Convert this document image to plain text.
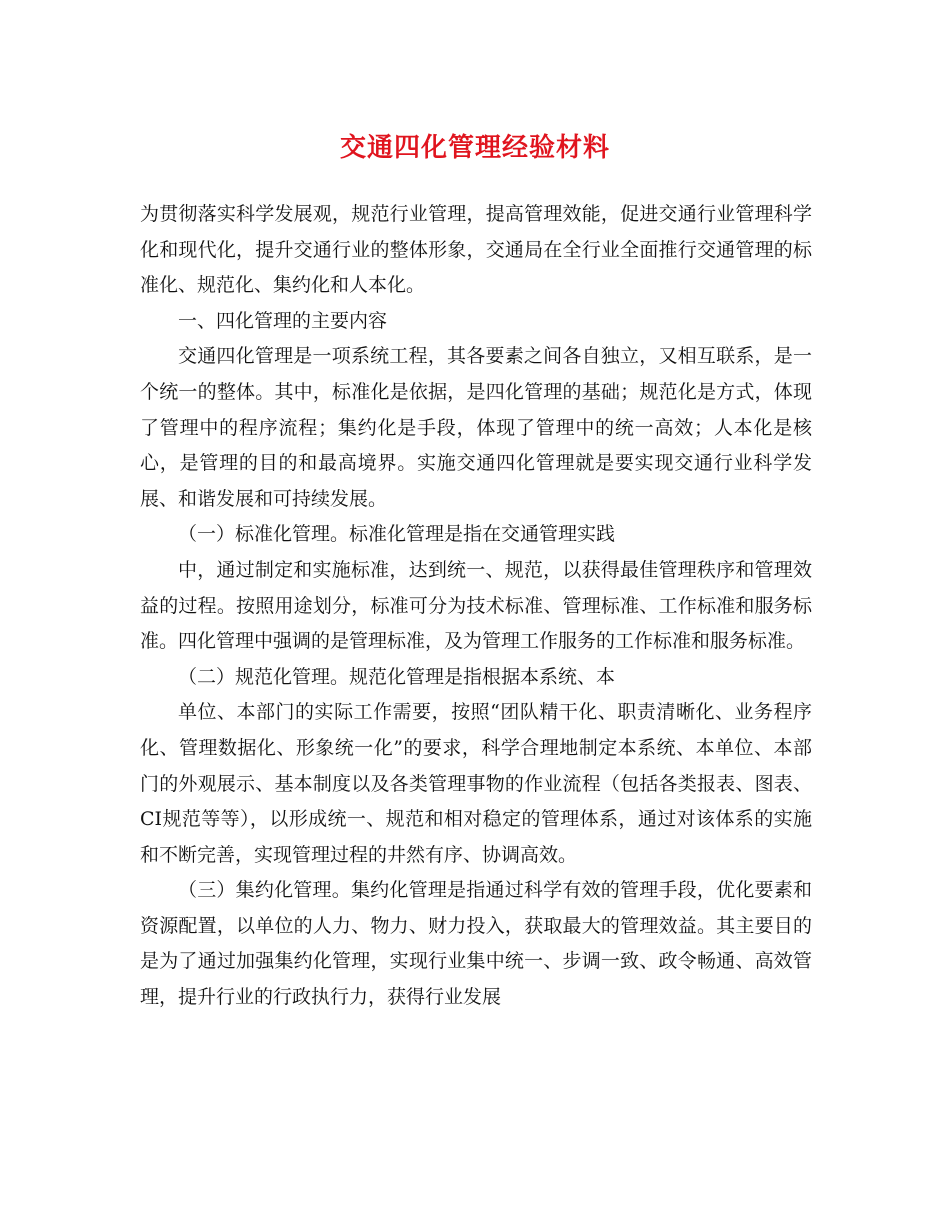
交通四化管理经验材料

为贯彻落实科学发展观，规范行业管理，提高管理效能，促进交通行业管理科学化和现代化，提升交通行业的整体形象，交通局在全行业全面推行交通管理的标准化、规范化、集约化和人本化。

一、四化管理的主要内容

交通四化管理是一项系统工程，其各要素之间各自独立，又相互联系，是一个统一的整体。其中，标准化是依据，是四化管理的基础；规范化是方式，体现了管理中的程序流程；集约化是手段，体现了管理中的统一高效；人本化是核心，是管理的目的和最高境界。实施交通四化管理就是要实现交通行业科学发展、和谐发展和可持续发展。

（一）标准化管理。标准化管理是指在交通管理实践

中，通过制定和实施标准，达到统一、规范，以获得最佳管理秩序和管理效益的过程。按照用途划分，标准可分为技术标准、管理标准、工作标准和服务标准。四化管理中强调的是管理标准，及为管理工作服务的工作标准和服务标准。

（二）规范化管理。规范化管理是指根据本系统、本

单位、本部门的实际工作需要，按照“团队精干化、职责清晰化、业务程序化、管理数据化、形象统一化”的要求，科学合理地制定本系统、本单位、本部门的外观展示、基本制度以及各类管理事物的作业流程（包括各类报表、图表、CI规范等等），以形成统一、规范和相对稳定的管理体系，通过对该体系的实施和不断完善，实现管理过程的井然有序、协调高效。

（三）集约化管理。集约化管理是指通过科学有效的管理手段，优化要素和资源配置，以单位的人力、物力、财力投入，获取最大的管理效益。其主要目的是为了通过加强集约化管理，实现行业集中统一、步调一致、政令畅通、高效管理，提升行业的行政执行力，获得行业发展
